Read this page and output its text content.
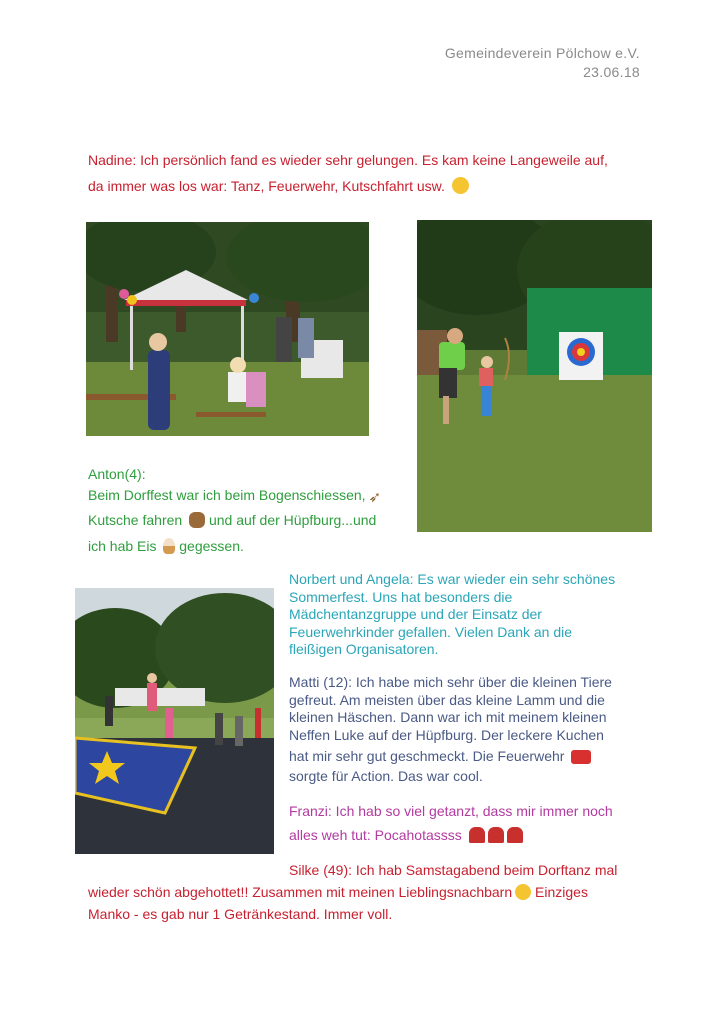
Gemeindeverein Pölchow e.V.
23.06.18
Nadine: Ich persönlich fand es wieder sehr gelungen. Es kam keine Langeweile auf,
da immer was los war: Tanz, Feuerwehr, Kutschfahrt usw.
Anton(4):
Beim Dorffest war ich beim Bogenschiessen, ➶
Kutsche fahren und auf der Hüpfburg...und
ich hab Eis gegessen.
Norbert und Angela: Es war wieder ein sehr schönes
Sommerfest. Uns hat besonders die
Mädchentanzgruppe und der Einsatz der
Feuerwehrkinder gefallen. Vielen Dank an die
fleißigen Organisatoren.
Matti (12): Ich habe mich sehr über die kleinen Tiere
gefreut. Am meisten über das kleine Lamm und die
kleinen Häschen. Dann war ich mit meinem kleinen
Neffen Luke auf der Hüpfburg. Der leckere Kuchen
hat mir sehr gut geschmeckt. Die Feuerwehr
sorgte für Action. Das war cool.
Franzi: Ich hab so viel getanzt, dass mir immer noch
alles weh tut: Pocahotassss
Silke (49): Ich hab Samstagabend beim Dorftanz mal
wieder schön abgehottet!! Zusammen mit meinen Lieblingsnachbarn Einziges
Manko - es gab nur 1 Getränkestand. Immer voll.
